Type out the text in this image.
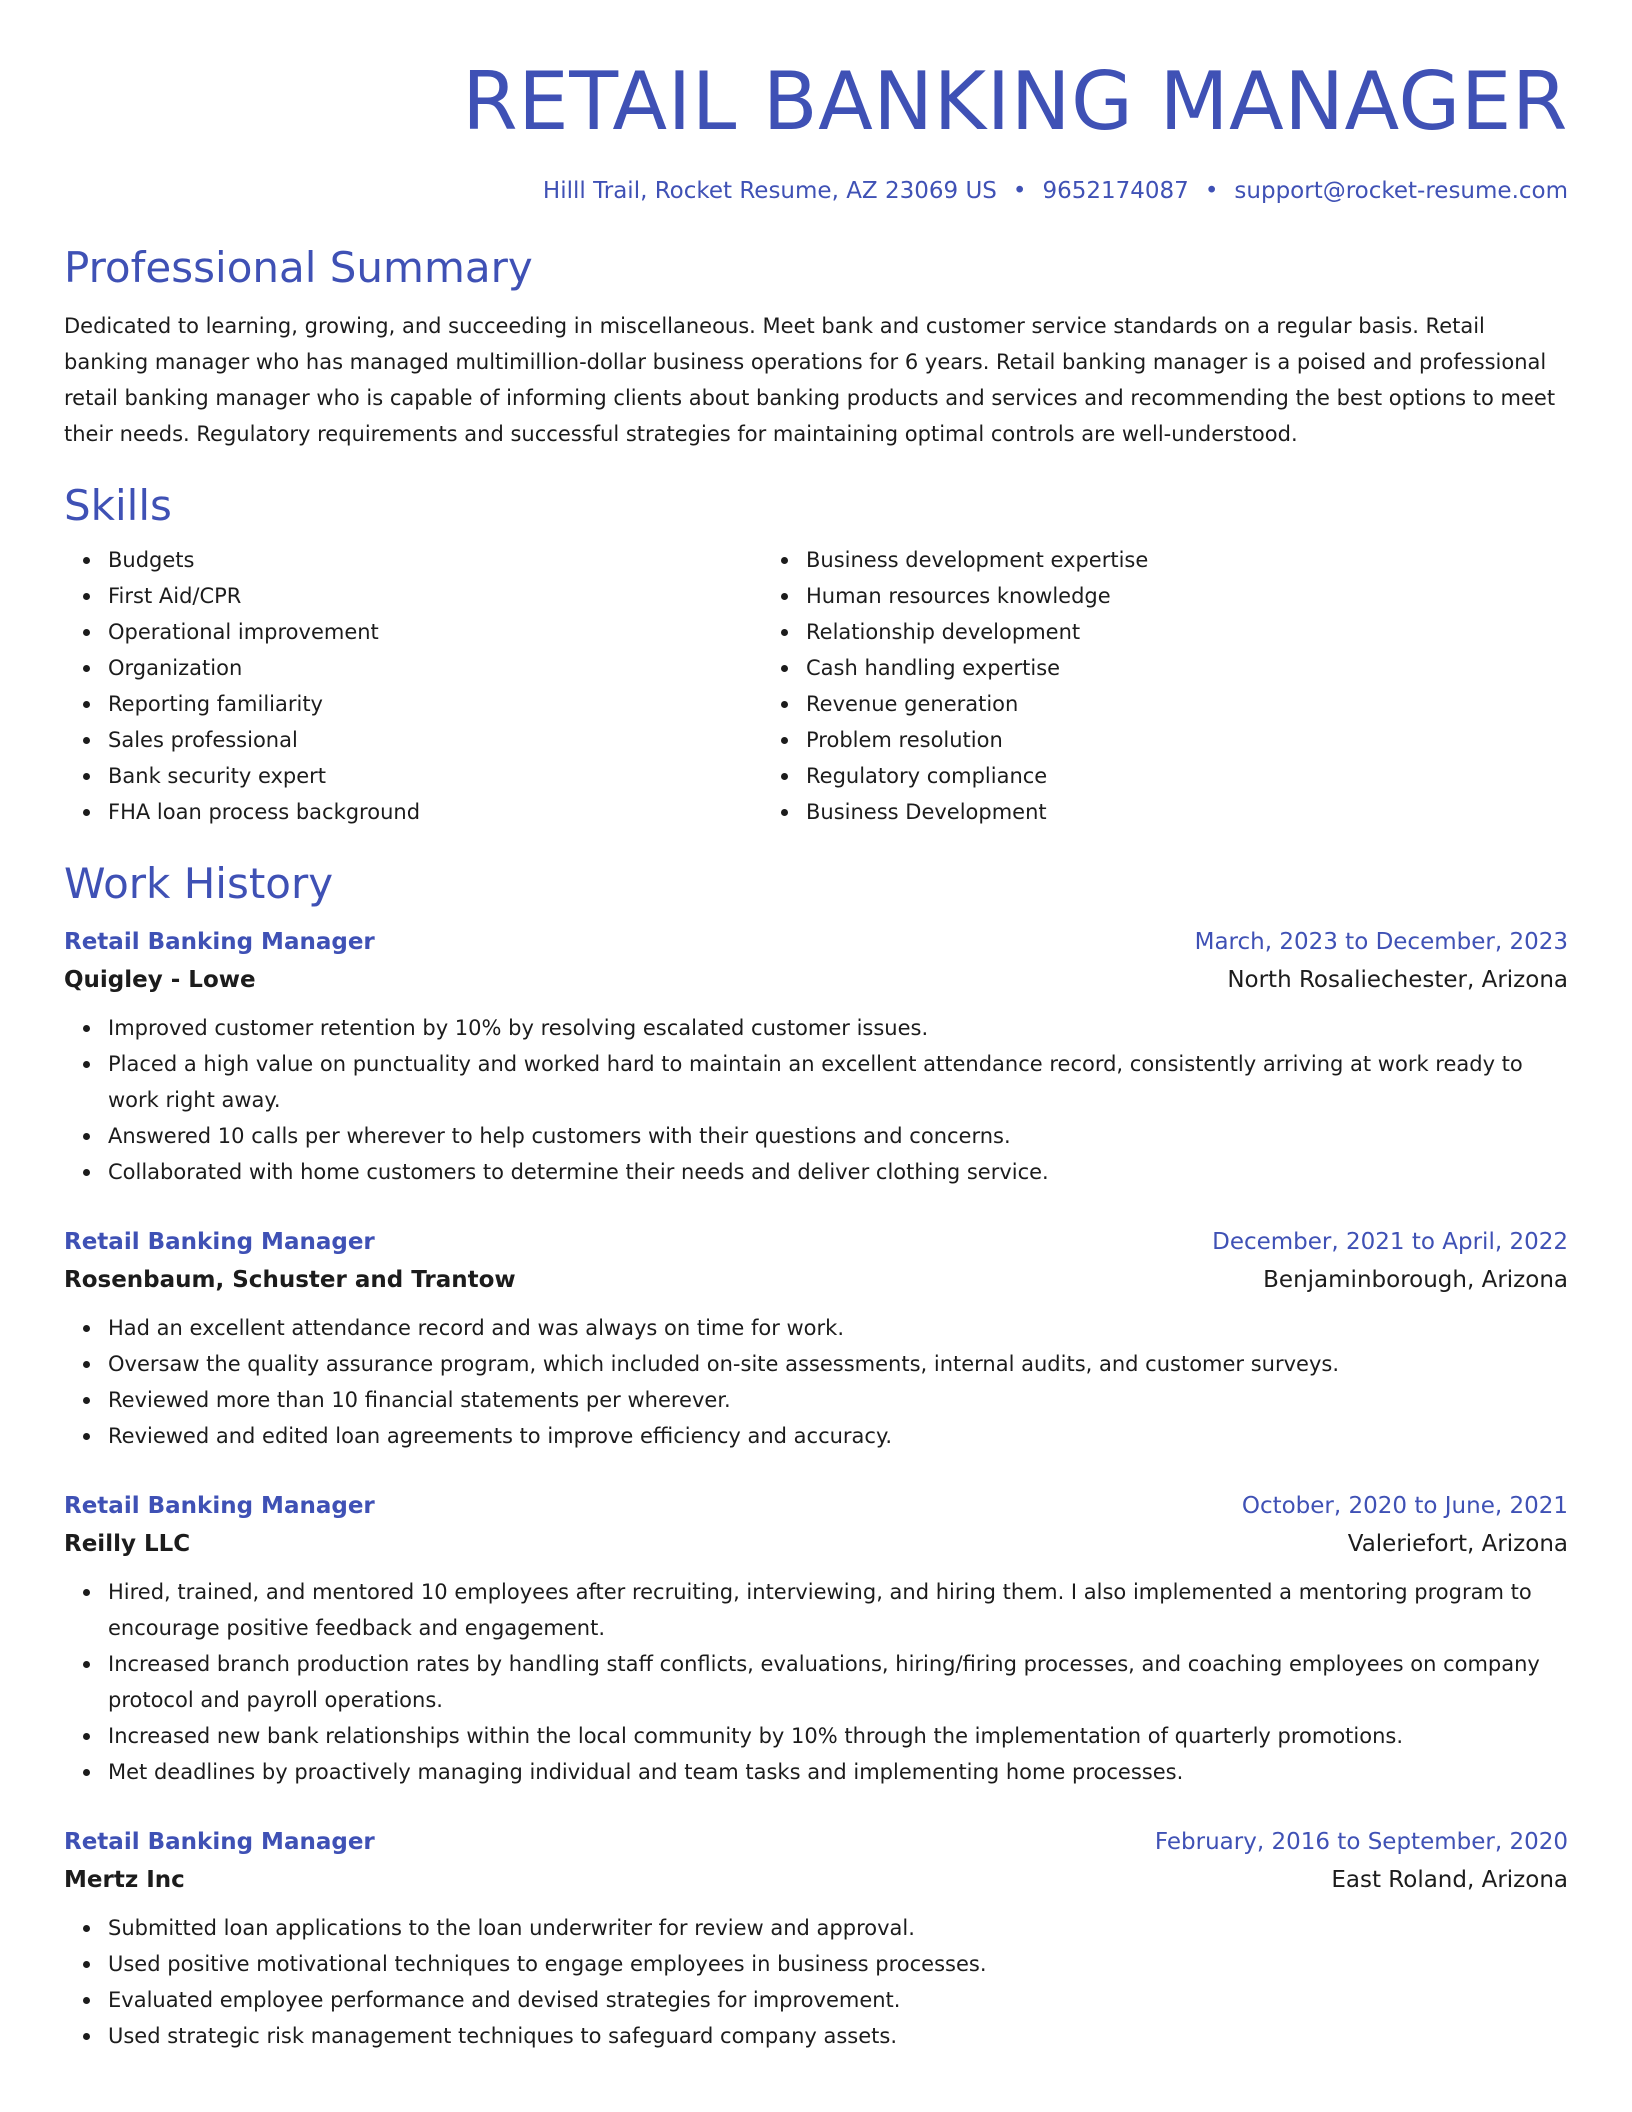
RETAIL BANKING MANAGER
Hilll Trail, Rocket Resume, AZ 23069 US • 9652174087 • support@rocket-resume.com
Professional Summary
Dedicated to learning, growing, and succeeding in miscellaneous. Meet bank and customer service standards on a regular basis. Retail banking manager who has managed multimillion-dollar business operations for 6 years. Retail banking manager is a poised and professional retail banking manager who is capable of informing clients about banking products and services and recommending the best options to meet their needs. Regulatory requirements and successful strategies for maintaining optimal controls are well-understood.
Skills
Budgets
First Aid/CPR
Operational improvement
Organization
Reporting familiarity
Sales professional
Bank security expert
FHA loan process background
Business development expertise
Human resources knowledge
Relationship development
Cash handling expertise
Revenue generation
Problem resolution
Regulatory compliance
Business Development
Work History
Retail Banking Manager	March, 2023 to December, 2023
Quigley - Lowe	North Rosaliechester, Arizona
Improved customer retention by 10% by resolving escalated customer issues.
Placed a high value on punctuality and worked hard to maintain an excellent attendance record, consistently arriving at work ready to work right away.
Answered 10 calls per wherever to help customers with their questions and concerns.
Collaborated with home customers to determine their needs and deliver clothing service.
Retail Banking Manager	December, 2021 to April, 2022
Rosenbaum, Schuster and Trantow	Benjaminborough, Arizona
Had an excellent attendance record and was always on time for work.
Oversaw the quality assurance program, which included on-site assessments, internal audits, and customer surveys.
Reviewed more than 10 financial statements per wherever.
Reviewed and edited loan agreements to improve efficiency and accuracy.
Retail Banking Manager	October, 2020 to June, 2021
Reilly LLC	Valeriefort, Arizona
Hired, trained, and mentored 10 employees after recruiting, interviewing, and hiring them. I also implemented a mentoring program to encourage positive feedback and engagement.
Increased branch production rates by handling staff conflicts, evaluations, hiring/firing processes, and coaching employees on company protocol and payroll operations.
Increased new bank relationships within the local community by 10% through the implementation of quarterly promotions.
Met deadlines by proactively managing individual and team tasks and implementing home processes.
Retail Banking Manager	February, 2016 to September, 2020
Mertz Inc	East Roland, Arizona
Submitted loan applications to the loan underwriter for review and approval.
Used positive motivational techniques to engage employees in business processes.
Evaluated employee performance and devised strategies for improvement.
Used strategic risk management techniques to safeguard company assets.
